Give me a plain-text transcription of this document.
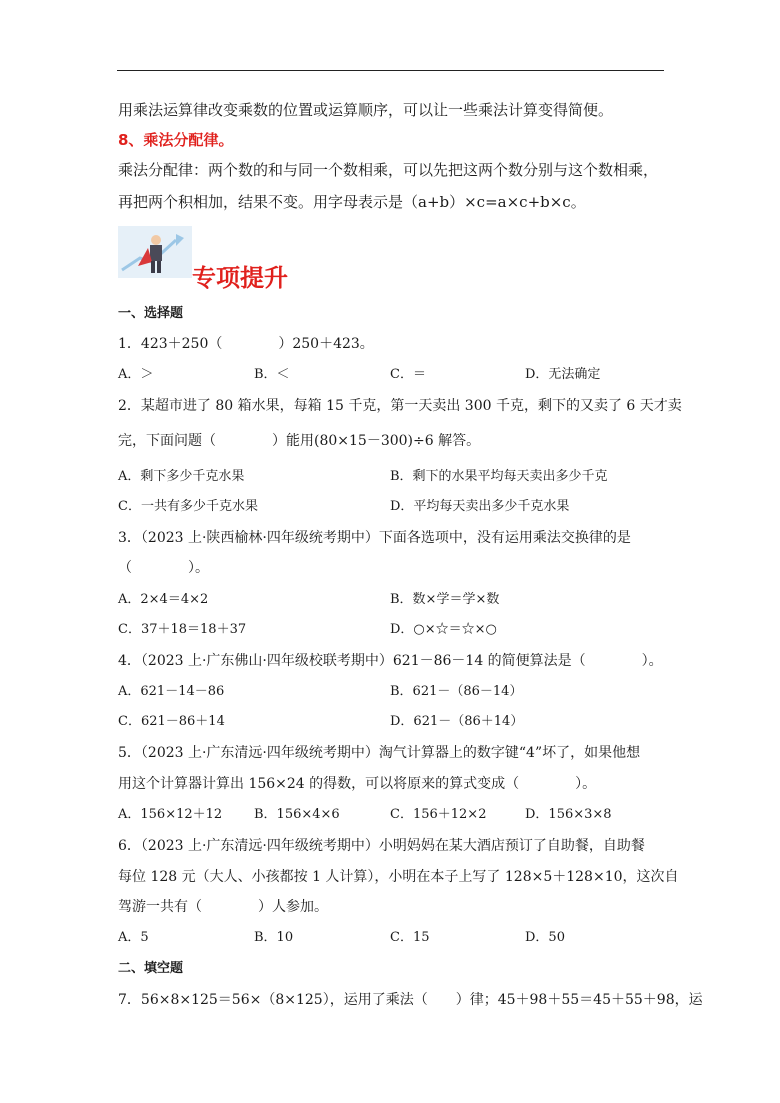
用乘法运算律改变乘数的位置或运算顺序，可以让一些乘法计算变得简便。
8、乘法分配律。
乘法分配律：两个数的和与同一个数相乘，可以先把这两个数分别与这个数相乘，
再把两个积相加，结果不变。用字母表示是（a+b）×c=a×c+b×c。
专项提升
一、选择题
1．423＋250（　　　　）250＋423。
A．＞	B．＜	C．＝	D．无法确定
2．某超市进了 80 箱水果，每箱 15 千克，第一天卖出 300 千克，剩下的又卖了 6 天才卖
完，下面问题（　　　　）能用(80×15－300)÷6 解答。
A．剩下多少千克水果	B．剩下的水果平均每天卖出多少千克
C．一共有多少千克水果	D．平均每天卖出多少千克水果
3．（2023 上·陕西榆林·四年级统考期中）下面各选项中，没有运用乘法交换律的是
（　　　　）。
A．2×4＝4×2	B．数×学＝学×数
C．37＋18＝18＋37	D．○×☆＝☆×○
4．（2023 上·广东佛山·四年级校联考期中）621－86－14 的简便算法是（　　　　）。
A．621－14－86	B．621－（86－14）
C．621－86＋14	D．621－（86＋14）
5．（2023 上·广东清远·四年级统考期中）淘气计算器上的数字键“4”坏了，如果他想
用这个计算器计算出 156×24 的得数，可以将原来的算式变成（　　　　）。
A．156×12＋12 B．156×4×6	C．156＋12×2	D．156×3×8
6．（2023 上·广东清远·四年级统考期中）小明妈妈在某大酒店预订了自助餐，自助餐
每位 128 元（大人、小孩都按 1 人计算），小明在本子上写了 128×5＋128×10，这次自
驾游一共有（　　　　）人参加。
A．5	B．10	C．15	D．50
二、填空题
7．56×8×125＝56×（8×125），运用了乘法（　　）律；45＋98＋55＝45＋55＋98，运
